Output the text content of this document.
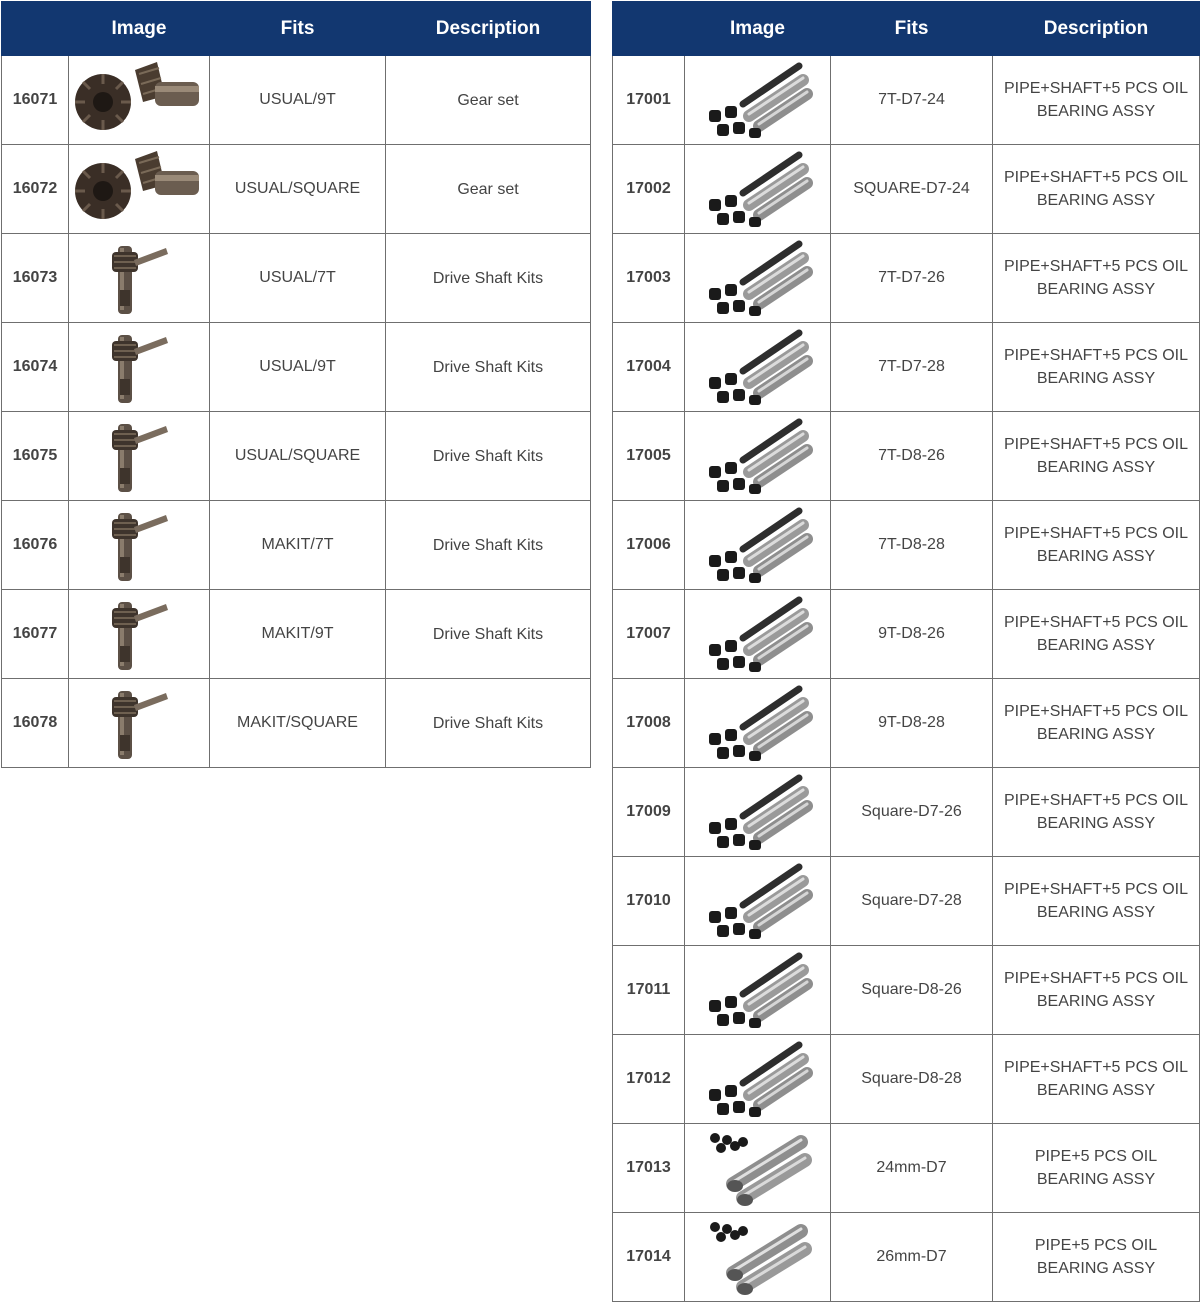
	Image	Fits	Description
16071		USUAL/9T	Gear set
16072		USUAL/SQUARE	Gear set
16073		USUAL/7T	Drive Shaft Kits
16074		USUAL/9T	Drive Shaft Kits
16075		USUAL/SQUARE	Drive Shaft Kits
16076		MAKIT/7T	Drive Shaft Kits
16077		MAKIT/9T	Drive Shaft Kits
16078		MAKIT/SQUARE	Drive Shaft Kits
	Image	Fits	Description
17001		7T-D7-24	PIPE+SHAFT+5 PCS OIL BEARING ASSY
17002		SQUARE-D7-24	PIPE+SHAFT+5 PCS OIL BEARING ASSY
17003		7T-D7-26	PIPE+SHAFT+5 PCS OIL BEARING ASSY
17004		7T-D7-28	PIPE+SHAFT+5 PCS OIL BEARING ASSY
17005		7T-D8-26	PIPE+SHAFT+5 PCS OIL BEARING ASSY
17006		7T-D8-28	PIPE+SHAFT+5 PCS OIL BEARING ASSY
17007		9T-D8-26	PIPE+SHAFT+5 PCS OIL BEARING ASSY
17008		9T-D8-28	PIPE+SHAFT+5 PCS OIL BEARING ASSY
17009		Square-D7-26	PIPE+SHAFT+5 PCS OIL BEARING ASSY
17010		Square-D7-28	PIPE+SHAFT+5 PCS OIL BEARING ASSY
17011		Square-D8-26	PIPE+SHAFT+5 PCS OIL BEARING ASSY
17012		Square-D8-28	PIPE+SHAFT+5 PCS OIL BEARING ASSY
17013		24mm-D7	PIPE+5 PCS OIL BEARING ASSY
17014		26mm-D7	PIPE+5 PCS OIL BEARING ASSY
